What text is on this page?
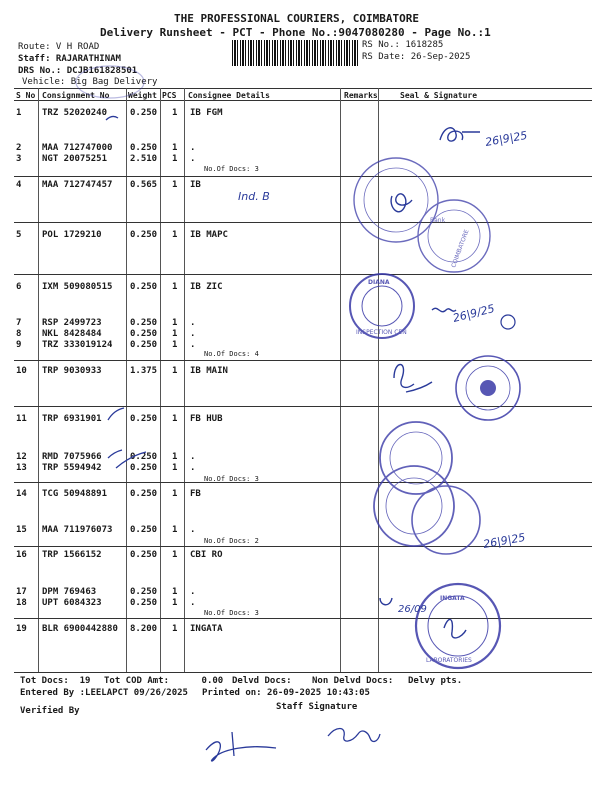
THE PROFESSIONAL COURIERS, COIMBATORE
Delivery Runsheet - PCT - Phone No.:9047080280 - Page No.:1
Route: V H ROAD
Staff: RAJARATHINAM
DRS No.: DCJB161828501
Vehicle: Big Bag Delivery
RS No.: 1618285
RS Date: 26-Sep-2025
S No Consignment No Weight PCS Consignee Details	Remarks	Seal & Signature
1 TRZ 52020240	0.250 1 IB FGM
2 MAA 712747000 0.250 1 .
3 NGT 20075251	2.510 1 .
4 MAA 712747457 0.565 1 IB
5 POL 1729210	0.250 1 IB MAPC
6 IXM 509080515 0.250 1 IB ZIC
7 RSP 2499723	0.250 1 .
8 NKL 8428484	0.250 1 .
9 TRZ 333019124 0.250 1 .
10 TRP 9030933	1.375 1 IB MAIN
11 TRP 6931901	0.250 1 FB HUB
12 RMD 7075966	0.250 1 .
13 TRP 5594942	0.250 1 .
14 TCG 50948891	0.250 1 FB
15 MAA 711976073 0.250 1 .
16 TRP 1566152	0.250 1 CBI RO
17 DPM 769463	0.250 1 .
18 UPT 6084323	0.250 1 .
19 BLR 6900442880 8.200 1 INGATA
No.Of Docs: 3
No.Of Docs: 4
No.Of Docs: 3
No.Of Docs: 2
No.Of Docs: 3
Tot Docs:  19 Tot COD Amt:      0.00 Delvd Docs: Non Delvd Docs: Delvy pts.
Entered By :LEELAPCT 09/26/2025 Printed on: 26-09-2025 10:43:05
Verified By	Staff Signature
26|9|25
Bank
COIMBATORE
Ind. B
DIANA
INSPECTION CEN
26|9/25
26|9|25
INGATA
LABORATORIES
26/09
